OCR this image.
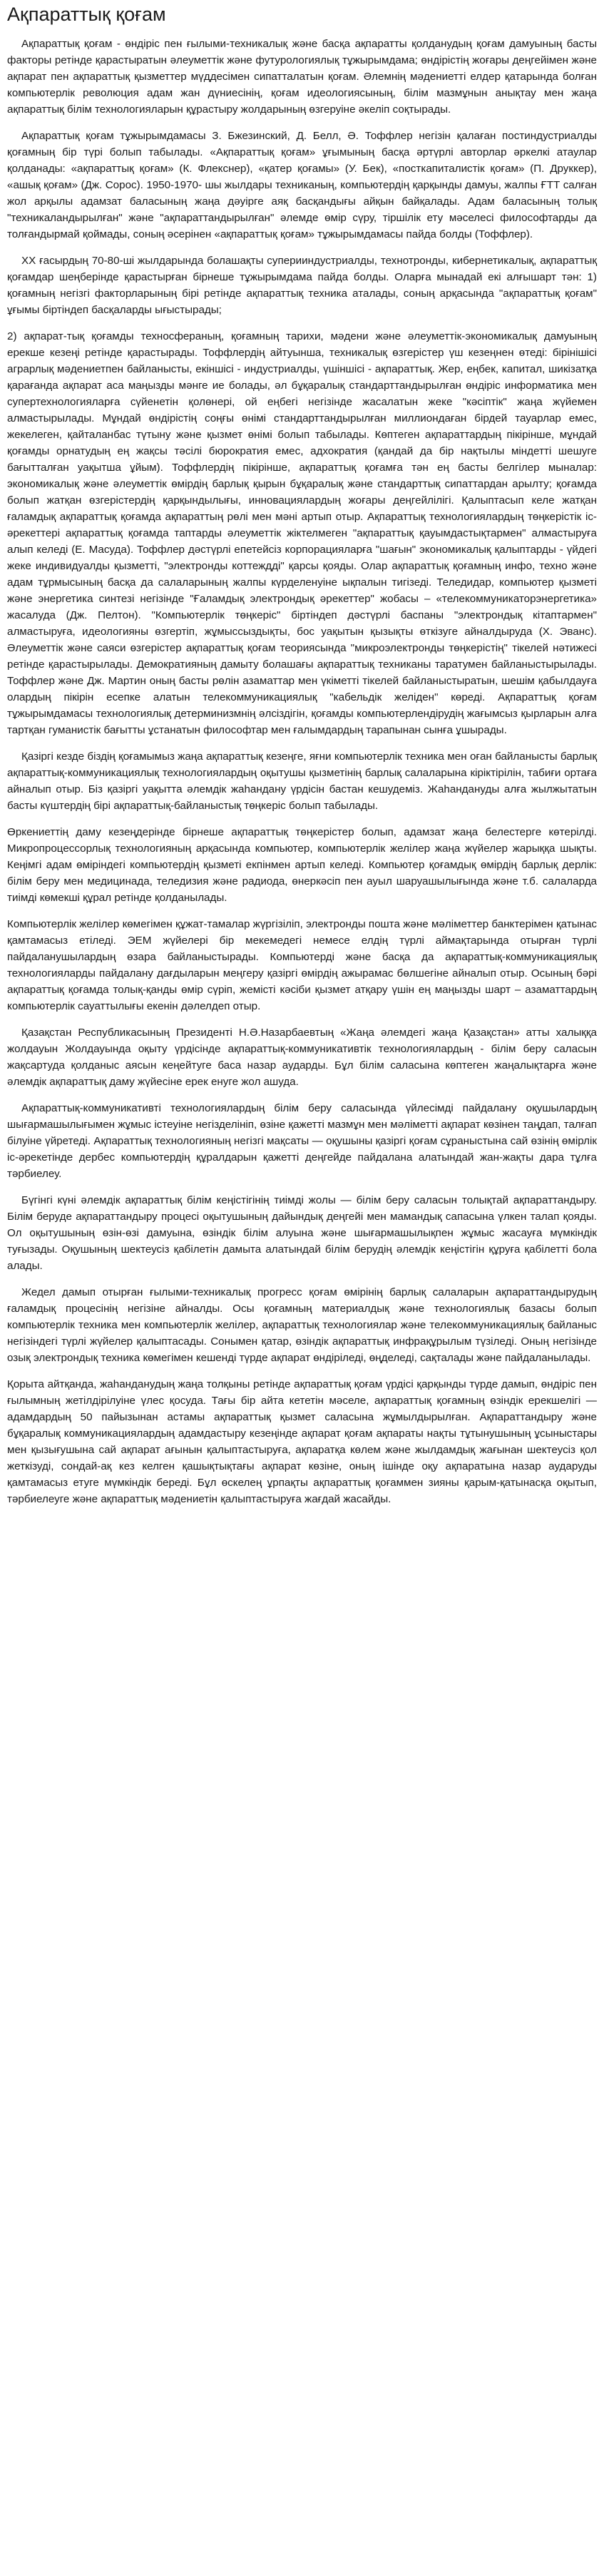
Ақпараттық қоғам

Ақпараттық қоғам - өндіріс пен ғылыми-техникалық және басқа ақпаратты қолданудың қоғам дамуының басты факторы ретінде қарастыратын әлеуметтік және футурологиялық тұжырымдама; өндірістің жоғары деңгейімен және ақпарат пен ақпараттық қызметтер мүддесімен сипатталатын қоғам. Әлемнің мәдениетті елдер қатарында болған компьютерлік революция адам жан дүниесінің, қоғам идеологиясының, білім мазмұнын анықтау мен жаңа ақпараттық білім технологияларын құрастыру жолдарының өзгеруіне әкеліп соқтырады.

Ақпараттық қоғам тұжырымдамасы З. Бжезинский, Д. Белл, Ә. Тоффлер негізін қалаған постиндустриалды қоғамның бір түрі болып табылады. «Ақпараттық қоғам» ұғымының басқа әртүрлі авторлар әркелкі атаулар қолданады: «ақпараттық қоғам» (К. Флекснер), «қатер қоғамы» (У. Бек), «посткапиталистік қоғам» (П. Друккер), «ашық қоғам» (Дж. Сорос). 1950-1970- шы жылдары техниканың, компьютердің қарқынды дамуы, жалпы ҒТТ салған жол арқылы адамзат баласының жаңа дәуірге аяқ басқандығы айқын байқалады. Адам баласының толық "техникаландырылған" және "ақпараттандырылған" әлемде өмір сүру, тіршілік ету мәселесі философтарды да толғандырмай қоймады, соның әсерінен «ақпараттық қоғам» тұжырымдамасы пайда болды (Тоффлер).

XX ғасырдың 70-80-ші жылдарында болашақты суперииндустриалды, технотронды, кибернетикалық, ақпараттық қоғамдар шеңберінде қарастырған бірнеше тұжырымдама пайда болды. Оларға мынадай екі алғышарт тән: 1) қоғамның негізгі факторларының бірі ретінде ақпараттық техника аталады, соның арқасында "ақпараттық қоғам" ұғымы біртіндеп басқаларды ығыстырады;

2) ақпарат-тық қоғамды техносфераның, қоғамның тарихи, мәдени және әлеуметтік-экономикалық дамуының ерекше кезеңі ретінде қарастырады. Тоффлердің айтуынша, техникалық өзгерістер үш кезеңнен өтеді: бірінішісі аграрлық мәдениетпен байланысты, екіншісі - индустриалды, үшіншісі - ақпараттық. Жер, еңбек, капитал, шикізатқа қарағанда ақпарат аса маңызды мәнге ие болады, әл бұқаралық стандарттандырылған өндіріс информатика мен супертехнологияларға сүйенетін қолөнері, ой еңбегі негізінде жасалатын жеке "кәсіптік" жаңа жүйемен алмастырылады. Мұндай өндірістің соңғы өнімі стандарттандырылған миллиондаған бірдей тауарлар емес, жекелеген, қайталанбас түтыну және қызмет өнімі болып табылады. Көптеген ақпараттардың пікірінше, мұндай қоғамды орнатудың ең жақсы тәсілі бюрократия емес, адхократия (қандай да бір нақтылы міндетті шешуге бағытталған уақытша ұйым). Тоффлердің пікірінше, ақпараттық қоғамға тән ең басты белгілер мыналар: экономикалық және әлеуметтік өмірдің барлық қырын бұқаралық және стандарттық сипаттардан арылту; қоғамда болып жатқан өзгерістердің қарқындылығы, инновациялардың жоғары деңгейлілігі. Қалыптасып келе жатқан ғаламдық ақпараттық қоғамда ақпараттың рөлі мен мәні артып отыр. Ақпараттық технологиялардың төңкерістік іс-әрекеттері ақпараттық қоғамда таптарды әлеуметтік жіктелмеген "ақпараттық қауымдастықтармен" алмастыруға алып келеді (Е. Масуда). Тоффлер дәстүрлі епетейсіз корпорацияларға "шағын" экономикалық қалыптарды - үйдегі жеке индивидуалды қызметті, "электронды коттеждді" қарсы қояды. Олар ақпараттық қоғамның инфо, техно және адам тұрмысының басқа да салаларының жалпы күрделенуіне ықпалын тигізеді. Теледидар, компьютер қызметі және энергетика синтезі негізінде "Ғаламдық электрондық әрекеттер" жобасы – «телекоммуникаторэнергетика» жасалуда (Дж. Пелтон). "Компьютерлік төңкеріс" біртіндеп дәстүрлі баспаны "электрондық кітаптармен" алмастыруға, идеологияны өзгертіп, жұмыссыздықты, бос уақытын қызықты өткізуге айналдыруда (Х. Эванс). Әлеуметтік және саяси өзгерістер ақпараттық қоғам теориясында "микроэлектронды төңкерістің" тікелей нәтижесі ретінде қарастырылады. Демократияның дамыту болашағы ақпараттық техниканы таратумен байланыстырылады. Тоффлер және Дж. Мартин оның басты рөлін азаматтар мен үкіметті тікелей байланыстыратын, шешім қабылдауға олардың пікірін есепке алатын телекоммуникациялық "кабельдік желіден" көреді. Ақпараттық қоғам тұжырымдамасы технологиялық детерминизмнің әлсіздігін, қоғамды компьютерлендірудің жағымсыз қырларын алға тартқан гуманистік бағытты ұстанатын философтар мен ғалымдардың тарапынан сынға ұшырады.

Қазіргі кезде біздің қоғамымыз жаңа ақпараттық кезеңге, яғни компьютерлік техника мен оған байланысты барлық ақпараттық-коммуникациялық технологиялардың оқытушы қызметінің барлық салаларына кіріктірілін, табиғи ортаға айналып отыр. Біз қазіргі уақытта әлемдік жаһандану үрдісін бастан кешудеміз. Жаһандануды алға жылжытатын басты күштердің бірі ақпараттық-байланыстық төңкеріс болып табылады.

Өркениеттің даму кезеңдерінде бірнеше ақпараттық төңкерістер болып, адамзат жаңа белестерге көтерілді. Микропроцессорлық технологияның арқасында компьютер, компьютерлік желілер жаңа жүйелер жарыққа шықты. Кеңімгі адам өміріндегі компьютердің қызметі екпінмен артып келеді. Компьютер қоғамдық өмірдің барлық дерлік: білім беру мен медицинада, теледизия және радиода, өнеркәсіп пен ауыл шаруашылығында және т.б. салаларда тиімді көмекші құрал ретінде қолданылады.

Компьютерлік желілер көмегімен құжат-тамалар жүргізіліп, электронды пошта және мәліметтер банктерімен қатынас қамтамасыз етіледі. ЭЕМ жүйелері бір мекемедегі немесе елдің түрлі аймақтарында отырған түрлі пайдаланушылардың өзара байланыстырады. Компьютерді және басқа да ақпараттық-коммуникациялық технологияларды пайдалану дағдыларын меңгеру қазіргі өмірдің ажырамас бөлшегіне айналып отыр. Осының бәрі ақпараттық қоғамда толық-қанды өмір сүріп, жемісті кәсіби қызмет атқару үшін ең маңызды шарт – азаматтардың компьютерлік сауаттылығы екенін дәлелдеп отыр.

Қазақстан Республикасының Президенті Н.Ә.Назарбаевтың «Жаңа әлемдегі жаңа Қазақстан» атты халыққа жолдауын Жолдауында оқыту үрдісінде ақпараттық-коммуникативтік технологиялардың - білім беру саласын жақсартуда қолданыс аясын кеңейтуге баса назар аударды. Бұл білім саласына көптеген жаңалықтарға және әлемдік ақпараттық даму жүйесіне ерек енуге жол ашуда.

Ақпараттық-коммуникативті технологиялардың білім беру саласында үйлесімді пайдалану оқушылардың шығармашылығымен жұмыс істеуіне негізделініп, өзіне қажетті мазмұн мен мәліметті ақпарат көзінен таңдап, талғап білуіне үйретеді. Ақпараттық технологияның негізгі мақсаты — оқушыны қазіргі қоғам сұраныстына сай өзінің өмірлік іс-әрекетінде дербес компьютердің құралдарын қажетті деңгейде пайдалана алатындай жан-жақты дара тұлға тәрбиелеу.

Бүгінгі күні әлемдік ақпараттық білім кеңістігінің тиімді жолы — білім беру саласын толықтай ақпараттандыру. Білім беруде ақпараттандыру процесі оқытушының дайындық деңгейі мен мамандық сапасына үлкен талап қояды. Ол оқытушының өзін-өзі дамуына, өзіндік білім алуына және шығармашылықпен жұмыс жасауға мүмкіндік туғызады. Оқушының шектеусіз қабілетін дамыта алатындай білім берудің әлемдік кеңістігін құруға қабілетті бола алады.

Жедел дамып отырған ғылыми-техникалық прогресс қоғам өмірінің барлық салаларын ақпараттандырудың ғаламдық процесінің негізіне айналды. Осы қоғамның материалдық және технологиялық базасы болып компьютерлік техника мен компьютерлік желілер, ақпараттық технологиялар және телекоммуникациялық байланыс негізіндегі түрлі жүйелер қалыптасады. Сонымен қатар, өзіндік ақпараттық инфрақұрылым түзіледі. Оның негізінде озық электрондық техника көмегімен кешенді түрде ақпарат өндіріледі, өңделеді, сақталады және пайдаланылады.

Қорыта айтқанда, жаһанданудың жаңа толқыны ретінде ақпараттық қоғам үрдісі қарқынды түрде дамып, өндіріс пен ғылымның жетілдірілуіне үлес қосуда. Тағы бір айта кететін мәселе, ақпараттық қоғамның өзіндік ерекшелігі — адамдардың 50 пайызынан астамы ақпараттық қызмет саласына жұмылдырылған. Ақпараттандыру және бұқаралық коммуникациялардың адамдастыру кезеңінде ақпарат қоғам ақпараты нақты тұтынушының ұсыныстары мен қызығушына сай ақпарат ағынын қалыптастыруға, ақпаратқа көлем және жылдамдық жағынан шектеусіз қол жеткізуді, сондай-ақ кез келген қашықтықтағы ақпарат көзіне, оның ішінде оқу ақпаратына назар аударуды қамтамасыз етуге мүмкіндік береді. Бұл өскелең ұрпақты ақпараттық қоғаммен зияны қарым-қатынасқа оқытып, тәрбиелеуге және ақпараттық мәдениетін қалыптастыруға жағдай жасайды.
